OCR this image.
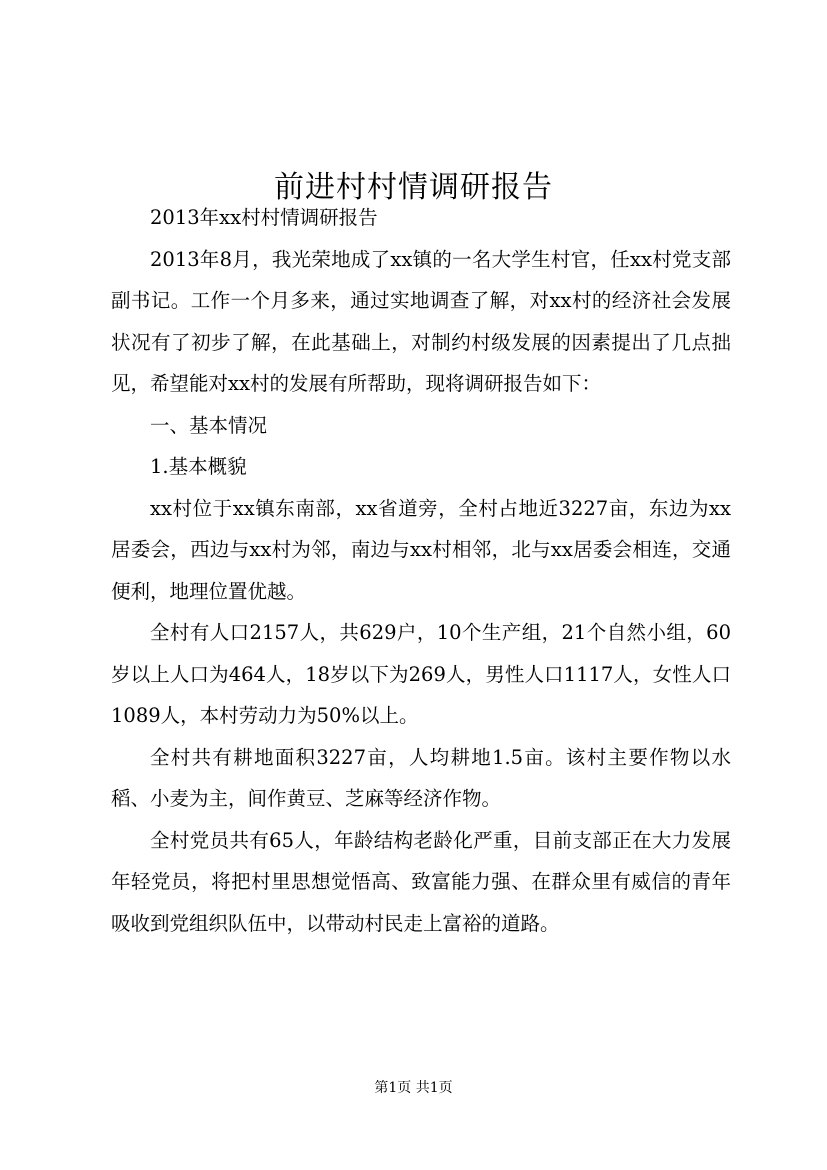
前进村村情调研报告

2013年xx村村情调研报告

2013年8月，我光荣地成了xx镇的一名大学生村官，任xx村党支部副书记。工作一个月多来，通过实地调查了解，对xx村的经济社会发展状况有了初步了解，在此基础上，对制约村级发展的因素提出了几点拙见，希望能对xx村的发展有所帮助，现将调研报告如下：

一、基本情况

1.基本概貌

xx村位于xx镇东南部，xx省道旁，全村占地近3227亩，东边为xx居委会，西边与xx村为邻，南边与xx村相邻，北与xx居委会相连，交通便利，地理位置优越。

全村有人口2157人，共629户，10个生产组，21个自然小组，60岁以上人口为464人，18岁以下为269人，男性人口1117人，女性人口1089人，本村劳动力为50%以上。

全村共有耕地面积3227亩，人均耕地1.5亩。该村主要作物以水稻、小麦为主，间作黄豆、芝麻等经济作物。

全村党员共有65人，年龄结构老龄化严重，目前支部正在大力发展年轻党员，将把村里思想觉悟高、致富能力强、在群众里有威信的青年吸收到党组织队伍中，以带动村民走上富裕的道路。

第1页 共1页
